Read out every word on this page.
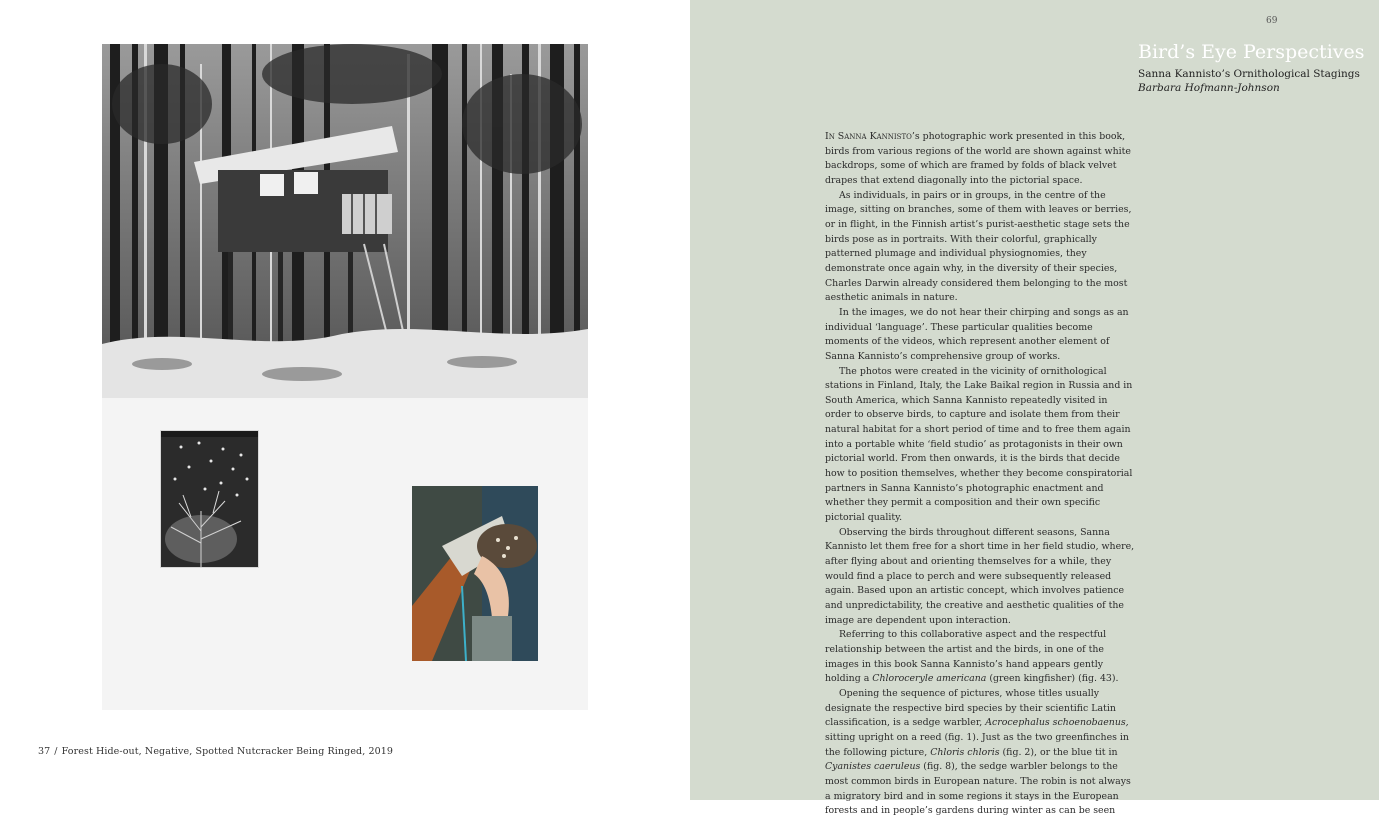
37 / Forest Hide-out, Negative, Spotted Nutcracker Being Ringed, 2019
69
Bird’s Eye Perspectives
Sanna Kannisto’s Ornithological Stagings
Barbara Hofmann-Johnson

In Sanna Kannisto’s photographic work presented in this book, birds from various regions of the world are shown against white backdrops, some of which are framed by folds of black velvet drapes that extend diagonally into the pictorial space.

As individuals, in pairs or in groups, in the centre of the image, sitting on branches, some of them with leaves or berries, or in flight, in the Finnish artist’s purist-aesthetic stage sets the birds pose as in portraits. With their colorful, graphically patterned plumage and individual physiognomies, they demonstrate once again why, in the diversity of their species, Charles Darwin already considered them belonging to the most aesthetic animals in nature.

In the images, we do not hear their chirping and songs as an individual ‘language’. These particular qualities become moments of the videos, which represent another element of Sanna Kannisto’s comprehensive group of works.

The photos were created in the vicinity of ornithological stations in Finland, Italy, the Lake Baikal region in Russia and in South America, which Sanna Kannisto repeatedly visited in order to observe birds, to capture and isolate them from their natural habitat for a short period of time and to free them again into a portable white ‘field studio’ as protagonists in their own pictorial world. From then onwards, it is the birds that decide how to position themselves, whether they become conspiratorial partners in Sanna Kannisto’s photographic enactment and whether they permit a composition and their own specific pictorial quality.

Observing the birds throughout different seasons, Sanna Kannisto let them free for a short time in her field studio, where, after flying about and orienting themselves for a while, they would find a place to perch and were subsequently released again. Based upon an artistic concept, which involves patience and unpredictability, the creative and aesthetic qualities of the image are dependent upon interaction.

Referring to this collaborative aspect and the respectful relationship between the artist and the birds, in one of the images in this book Sanna Kannisto’s hand appears gently holding a Chloroceryle americana (green kingfisher) (fig. 43).

Opening the sequence of pictures, whose titles usually designate the respective bird species by their scientific Latin classification, is a sedge warbler, Acrocephalus schoenobaenus, sitting upright on a reed (fig. 1). Just as the two greenfinches in the following picture, Chloris chloris (fig. 2), or the blue tit in Cyanistes caeruleus (fig. 8), the sedge warbler belongs to the most common birds in European nature. The robin is not always a migratory bird and in some regions it stays in the European forests and in people’s gardens during winter as can be seen
